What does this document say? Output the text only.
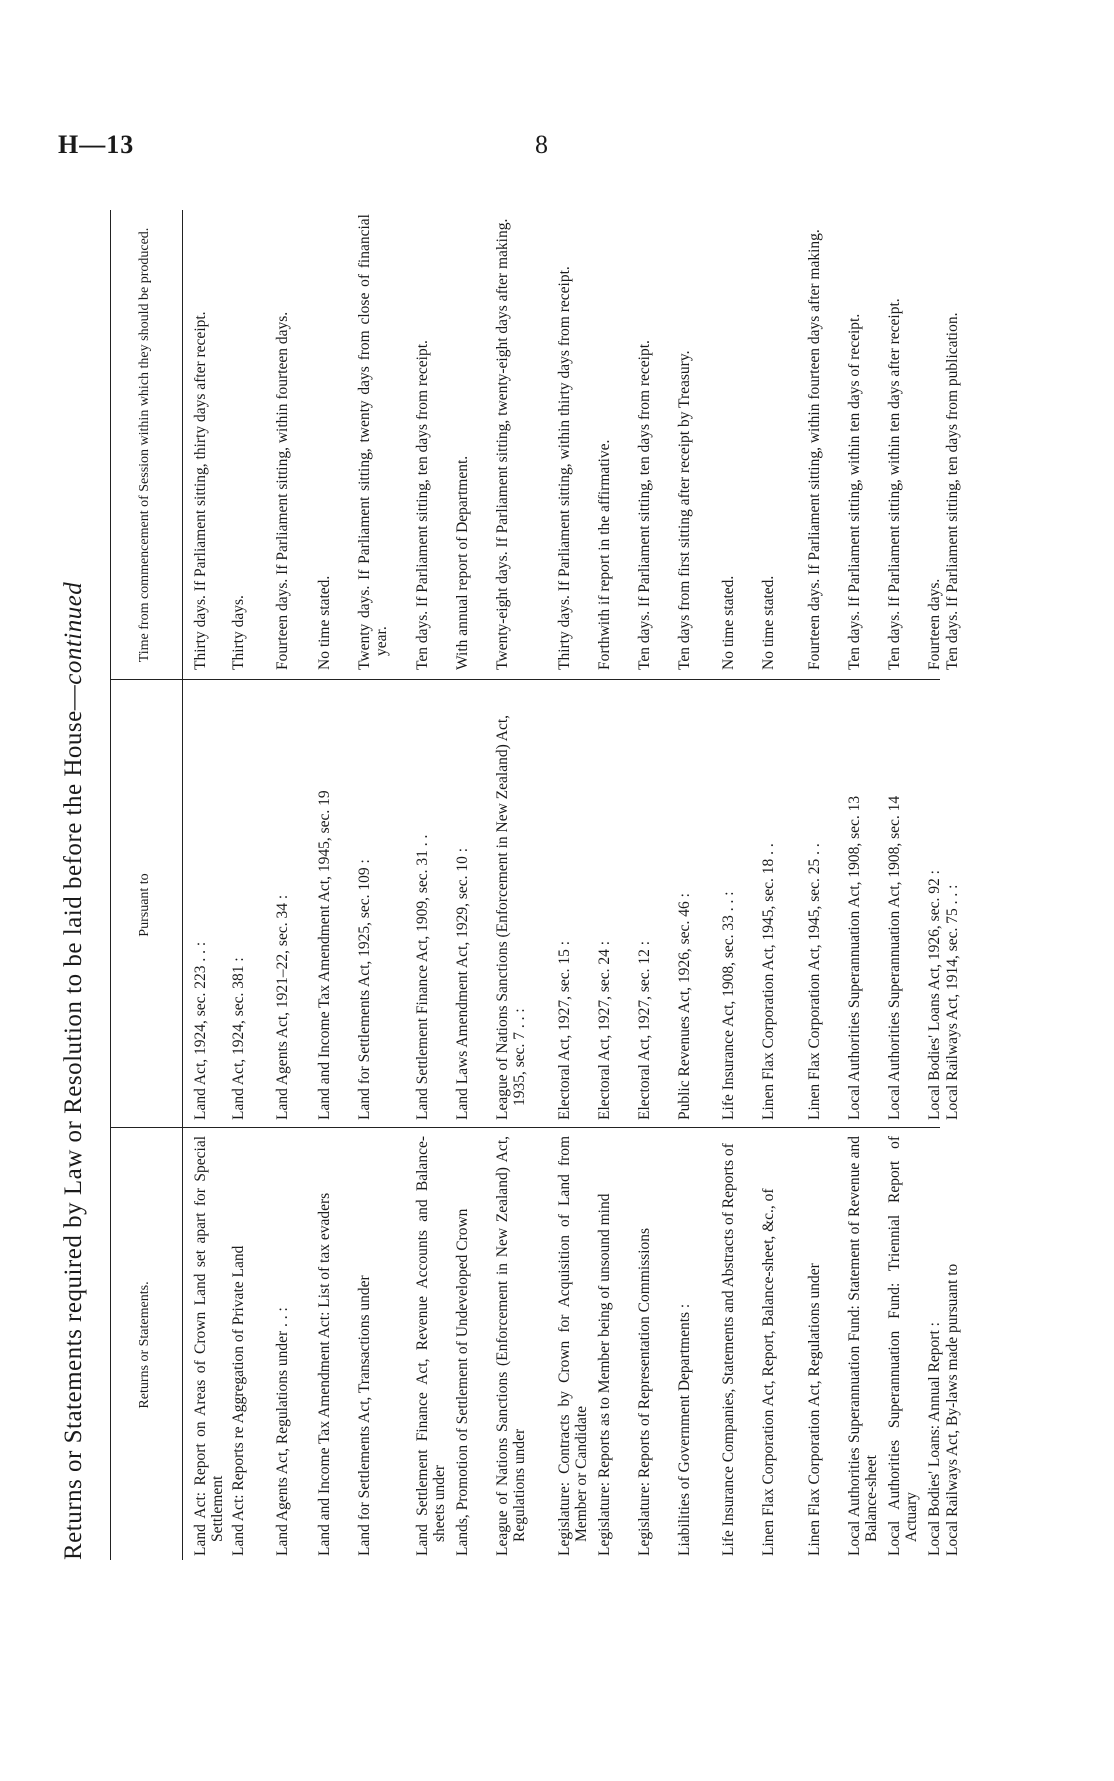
H—13	8
Returns or Statements required by Law or Resolution to be laid before the House—continued
Returns or Statements.
Pursuant to
Time from commencement of Session within which they should be produced.
Land Act: Report on Areas of Crown Land set apart for Special Settlement
Land Act, 1924, sec. 223 . . :
Thirty days. If Parliament sitting, thirty days after receipt.
Land Act: Reports re Aggregation of Private Land
Land Act, 1924, sec. 381 :
Thirty days.
Land Agents Act, Regulations under . . :
Land Agents Act, 1921–22, sec. 34 :
Fourteen days. If Parliament sitting, within fourteen days.
Land and Income Tax Amendment Act: List of tax evaders
Land and Income Tax Amendment Act, 1945, sec. 19
No time stated.
Land for Settlements Act, Transactions under
Land for Settlements Act, 1925, sec. 109 :
Twenty days. If Parliament sitting, twenty days from close of financial year.
Land Settlement Finance Act, Revenue Accounts and Balance-sheets under
Land Settlement Finance Act, 1909, sec. 31 . .
Ten days. If Parliament sitting, ten days from receipt.
Lands, Promotion of Settlement of Undeveloped Crown
Land Laws Amendment Act, 1929, sec. 10 :
With annual report of Department.
League of Nations Sanctions (Enforcement in New Zealand) Act, Regulations under
League of Nations Sanctions (Enforcement in New Zealand) Act, 1935, sec. 7 . . :
Twenty-eight days. If Parliament sitting, twenty-eight days after making.
Legislature: Contracts by Crown for Acquisition of Land from Member or Candidate
Electoral Act, 1927, sec. 15 :
Thirty days. If Parliament sitting, within thirty days from receipt.
Legislature: Reports as to Member being of unsound mind
Electoral Act, 1927, sec. 24 :
Forthwith if report in the affirmative.
Legislature: Reports of Representation Commissions
Electoral Act, 1927, sec. 12 :
Ten days. If Parliament sitting, ten days from receipt.
Liabilities of Government Departments :
Public Revenues Act, 1926, sec. 46 :
Ten days from first sitting after receipt by Treasury.
Life Insurance Companies, Statements and Abstracts of Reports of
Life Insurance Act, 1908, sec. 33 . . :
No time stated.
Linen Flax Corporation Act, Report, Balance-sheet, &c., of
Linen Flax Corporation Act, 1945, sec. 18 . .
No time stated.
Linen Flax Corporation Act, Regulations under
Linen Flax Corporation Act, 1945, sec. 25 . .
Fourteen days. If Parliament sitting, within fourteen days after making.
Local Authorities Superannuation Fund: Statement of Revenue and Balance-sheet
Local Authorities Superannuation Act, 1908, sec. 13
Ten days. If Parliament sitting, within ten days of receipt.
Local Authorities Superannuation Fund: Triennial Report of Actuary
Local Authorities Superannuation Act, 1908, sec. 14
Ten days. If Parliament sitting, within ten days after receipt.
Local Bodies' Loans: Annual Report :
Local Bodies' Loans Act, 1926, sec. 92 :
Fourteen days.
Local Railways Act, By-laws made pursuant to
Local Railways Act, 1914, sec. 75 . . :
Ten days. If Parliament sitting, ten days from publication.
